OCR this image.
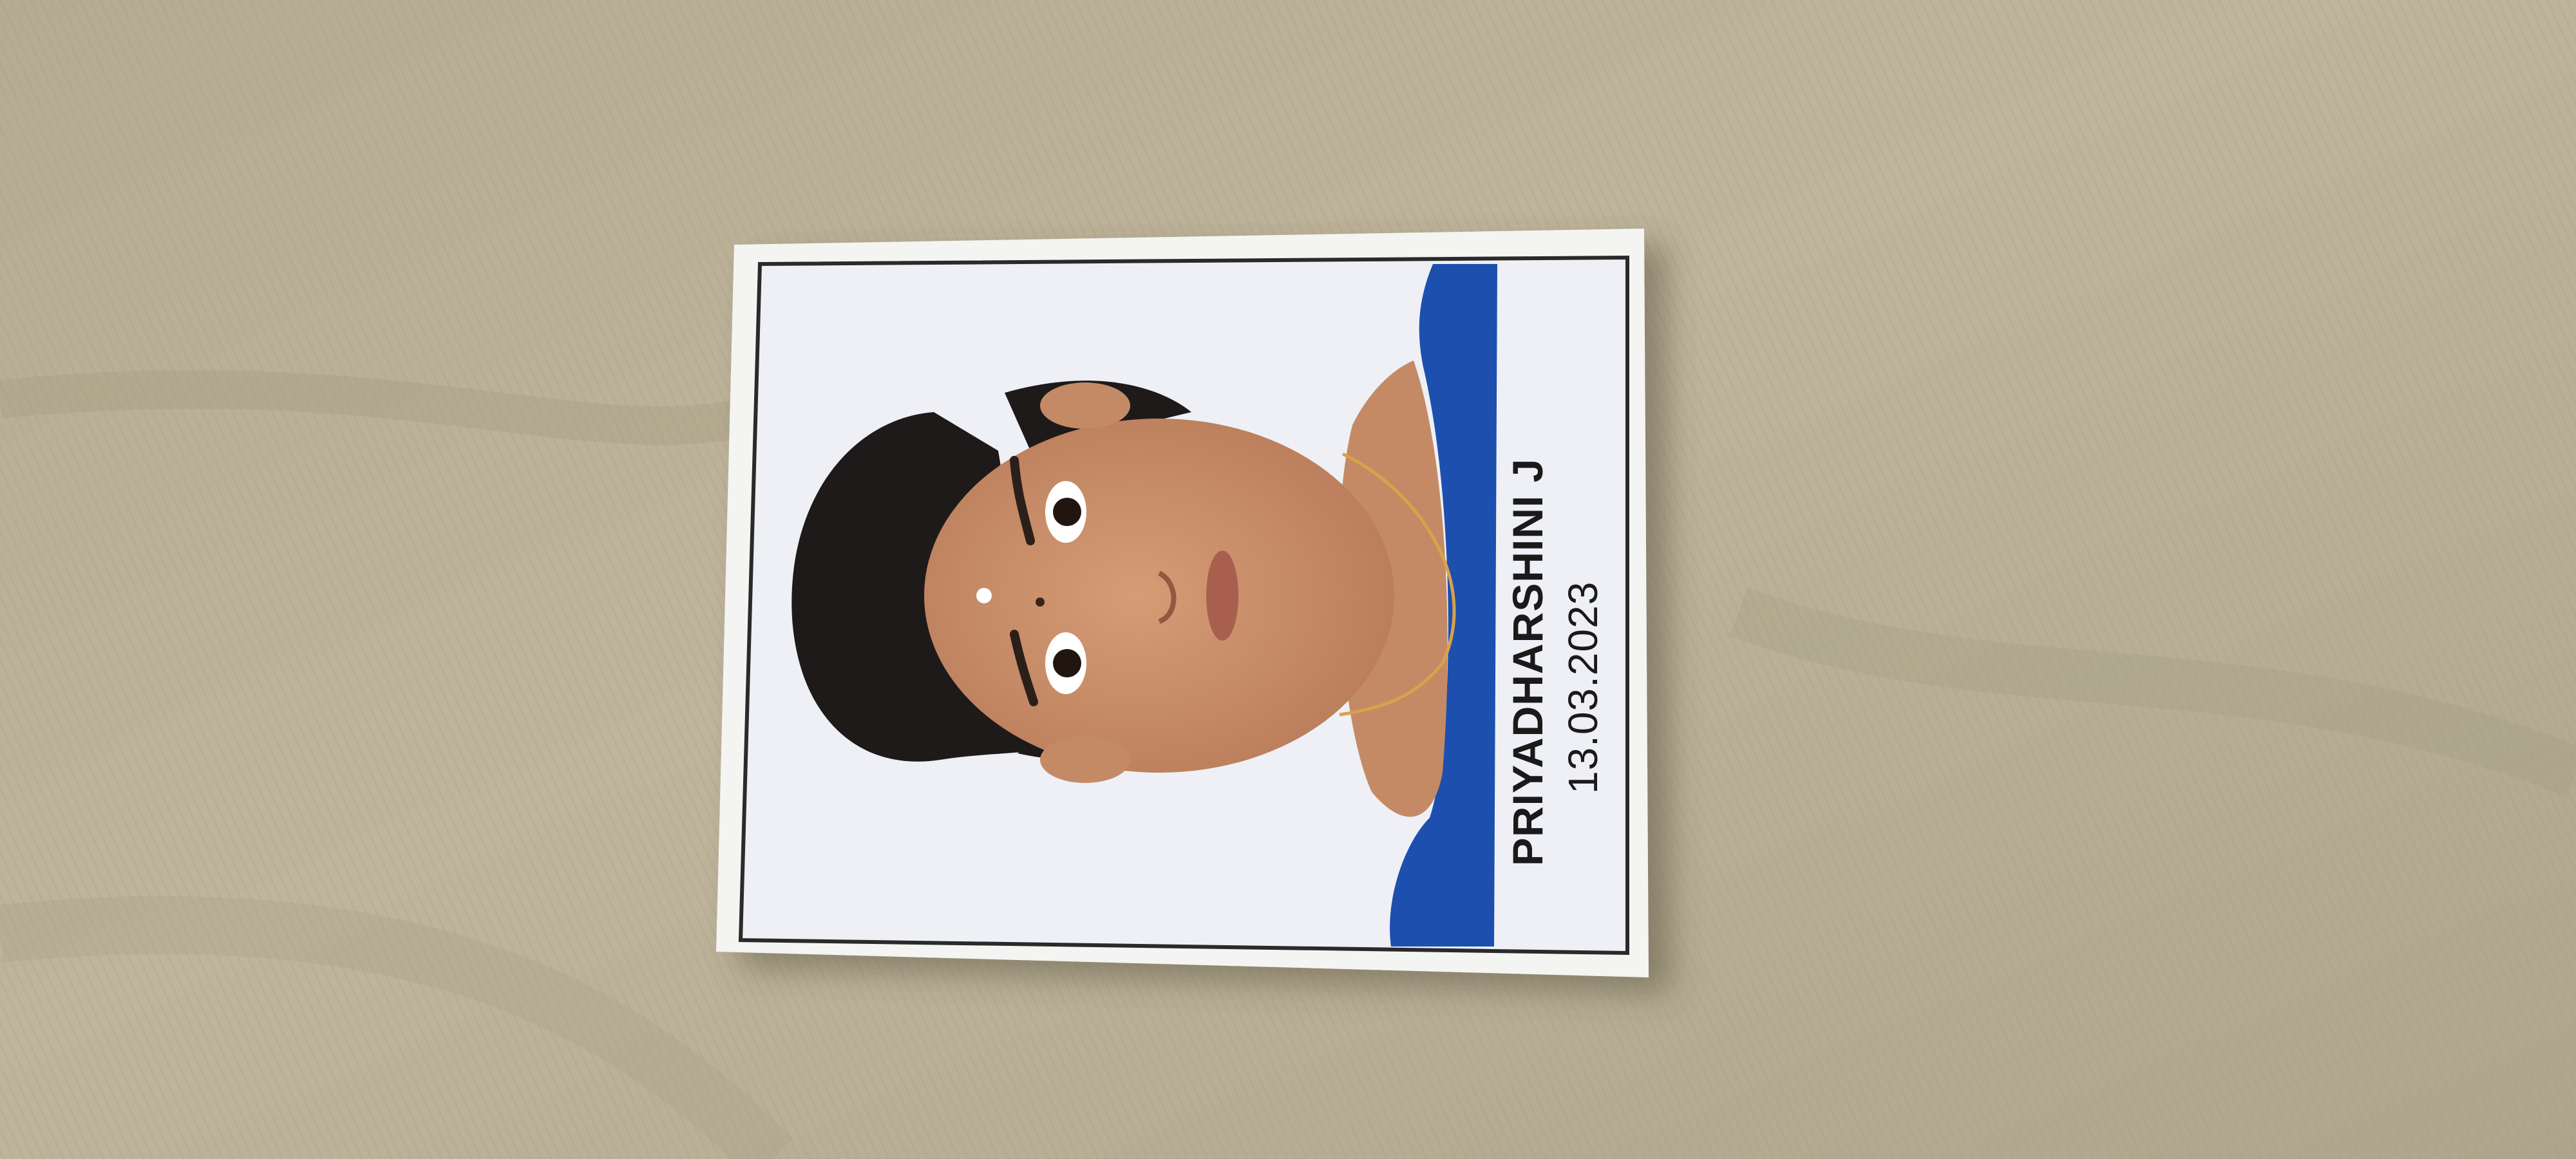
PRIYADHARSHINI J 13.03.2023
